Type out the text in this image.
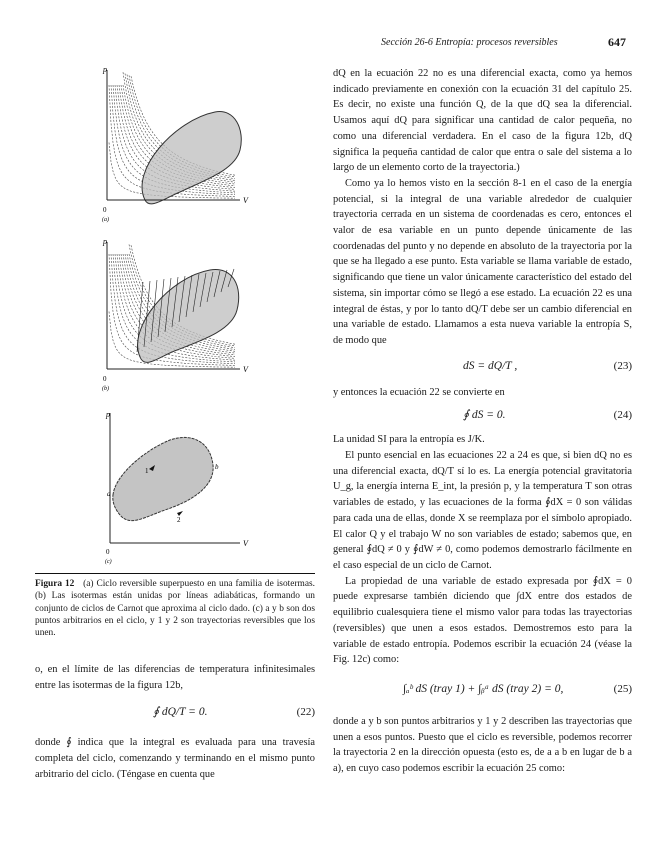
Sección 26-6 Entropía: procesos reversibles	647
p
V
0
(a)
p
V
0
(b)
p
V
0
(c)
a
b
1
2
Figura 12 (a) Ciclo reversible superpuesto en una familia de isotermas. (b) Las isotermas están unidas por líneas adiabáticas, formando un conjunto de ciclos de Carnot que aproxima al ciclo dado. (c) a y b son dos puntos arbitrarios en el ciclo, y 1 y 2 son trayectorias reversibles que los unen.

o, en el límite de las diferencias de temperatura infinitesimales entre las isotermas de la figura 12b,

∮ dQ/T = 0.	(22)

donde ∮ indica que la integral es evaluada para una travesía completa del ciclo, comenzando y terminando en el mismo punto arbitrario del ciclo. (Téngase en cuenta que

dQ en la ecuación 22 no es una diferencial exacta, como ya hemos indicado previamente en conexión con la ecuación 31 del capítulo 25. Es decir, no existe una función Q, de la que dQ sea la diferencial. Usamos aquí dQ para significar una cantidad de calor pequeña, no como una diferencial verdadera. En el caso de la figura 12b, dQ significa la pequeña cantidad de calor que entra o sale del sistema a lo largo de un elemento corto de la trayectoria.)

Como ya lo hemos visto en la sección 8-1 en el caso de la energía potencial, si la integral de una variable alrededor de cualquier trayectoria cerrada en un sistema de coordenadas es cero, entonces el valor de esa variable en un punto depende únicamente de las coordenadas del punto y no depende en absoluto de la trayectoria por la que se ha llegado a ese punto. Esta variable se llama variable de estado, significando que tiene un valor únicamente característico del estado del sistema, sin importar cómo se llegó a ese estado. La ecuación 22 es una integral de éstas, y por lo tanto dQ/T debe ser un cambio diferencial en una variable de estado. Llamamos a esta nueva variable la entropía S, de modo que

dS = dQ/T ,	(23)

y entonces la ecuación 22 se convierte en

∮ dS = 0.	(24)

La unidad SI para la entropía es J/K.

El punto esencial en las ecuaciones 22 a 24 es que, si bien dQ no es una diferencial exacta, dQ/T sí lo es. La energía potencial gravitatoria U_g, la energía interna E_int, la presión p, y la temperatura T son otras variables de estado, y las ecuaciones de la forma ∮dX = 0 son válidas para cada una de ellas, donde X se reemplaza por el símbolo apropiado. El calor Q y el trabajo W no son variables de estado; sabemos que, en general ∮dQ ≠ 0 y ∮dW ≠ 0, como podemos demostrarlo fácilmente en el caso especial de un ciclo de Carnot.

La propiedad de una variable de estado expresada por ∮dX = 0 puede expresarse también diciendo que ∫dX entre dos estados de equilibrio cualesquiera tiene el mismo valor para todas las trayectorias (reversibles) que unen a esos estados. Demostremos esto para la variable de estado entropía. Podemos escribir la ecuación 24 (véase la Fig. 12c) como:

∫ₐᵇ dS (tray 1) + ∫ᵦᵃ dS (tray 2) = 0,	(25)

donde a y b son puntos arbitrarios y 1 y 2 describen las trayectorias que unen a esos puntos. Puesto que el ciclo es reversible, podemos recorrer la trayectoria 2 en la dirección opuesta (esto es, de a a b en lugar de b a a), en cuyo caso podemos escribir la ecuación 25 como:
